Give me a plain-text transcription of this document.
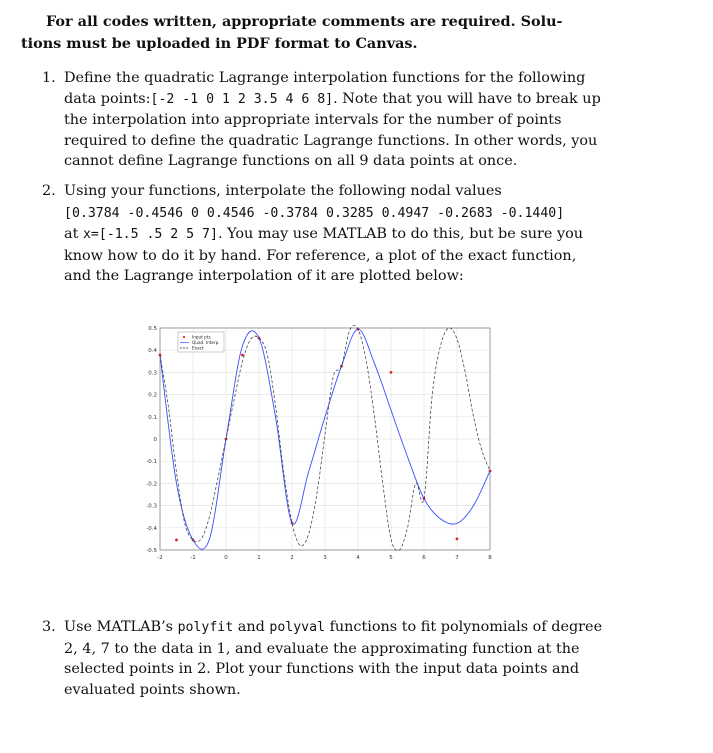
For all codes written, appropriate comments are required. Solu-
tions must be uploaded in PDF format to Canvas.
1. Define the quadratic Lagrange interpolation functions for the following data points:[-2 -1 0 1 2 3.5 4 6 8]. Note that you will have to break up the interpolation into appropriate intervals for the number of points required to define the quadratic Lagrange functions. In other words, you cannot define Lagrange functions on all 9 data points at once.
2. Using your functions, interpolate the following nodal values
[0.3784 -0.4546 0 0.4546 -0.3784 0.3285 0.4947 -0.2683 -0.1440]
at x=[-1.5 .5 2 5 7]. You may use MATLAB to do this, but be sure you know how to do it by hand. For reference, a plot of the exact function, and the Lagrange interpolation of it are plotted below:
-2	-1	0	1	2	3	4	5	6	7	8
-0.5
-0.4
-0.3
-0.2
-0.1
0
0.1
0.2
0.3
0.4
0.5
Input pts
Quad. Interp.
Exact
3. Use MATLAB’s polyfit and polyval functions to fit polynomials of degree 2, 4, 7 to the data in 1, and evaluate the approximating function at the selected points in 2. Plot your functions with the input data points and evaluated points shown.
